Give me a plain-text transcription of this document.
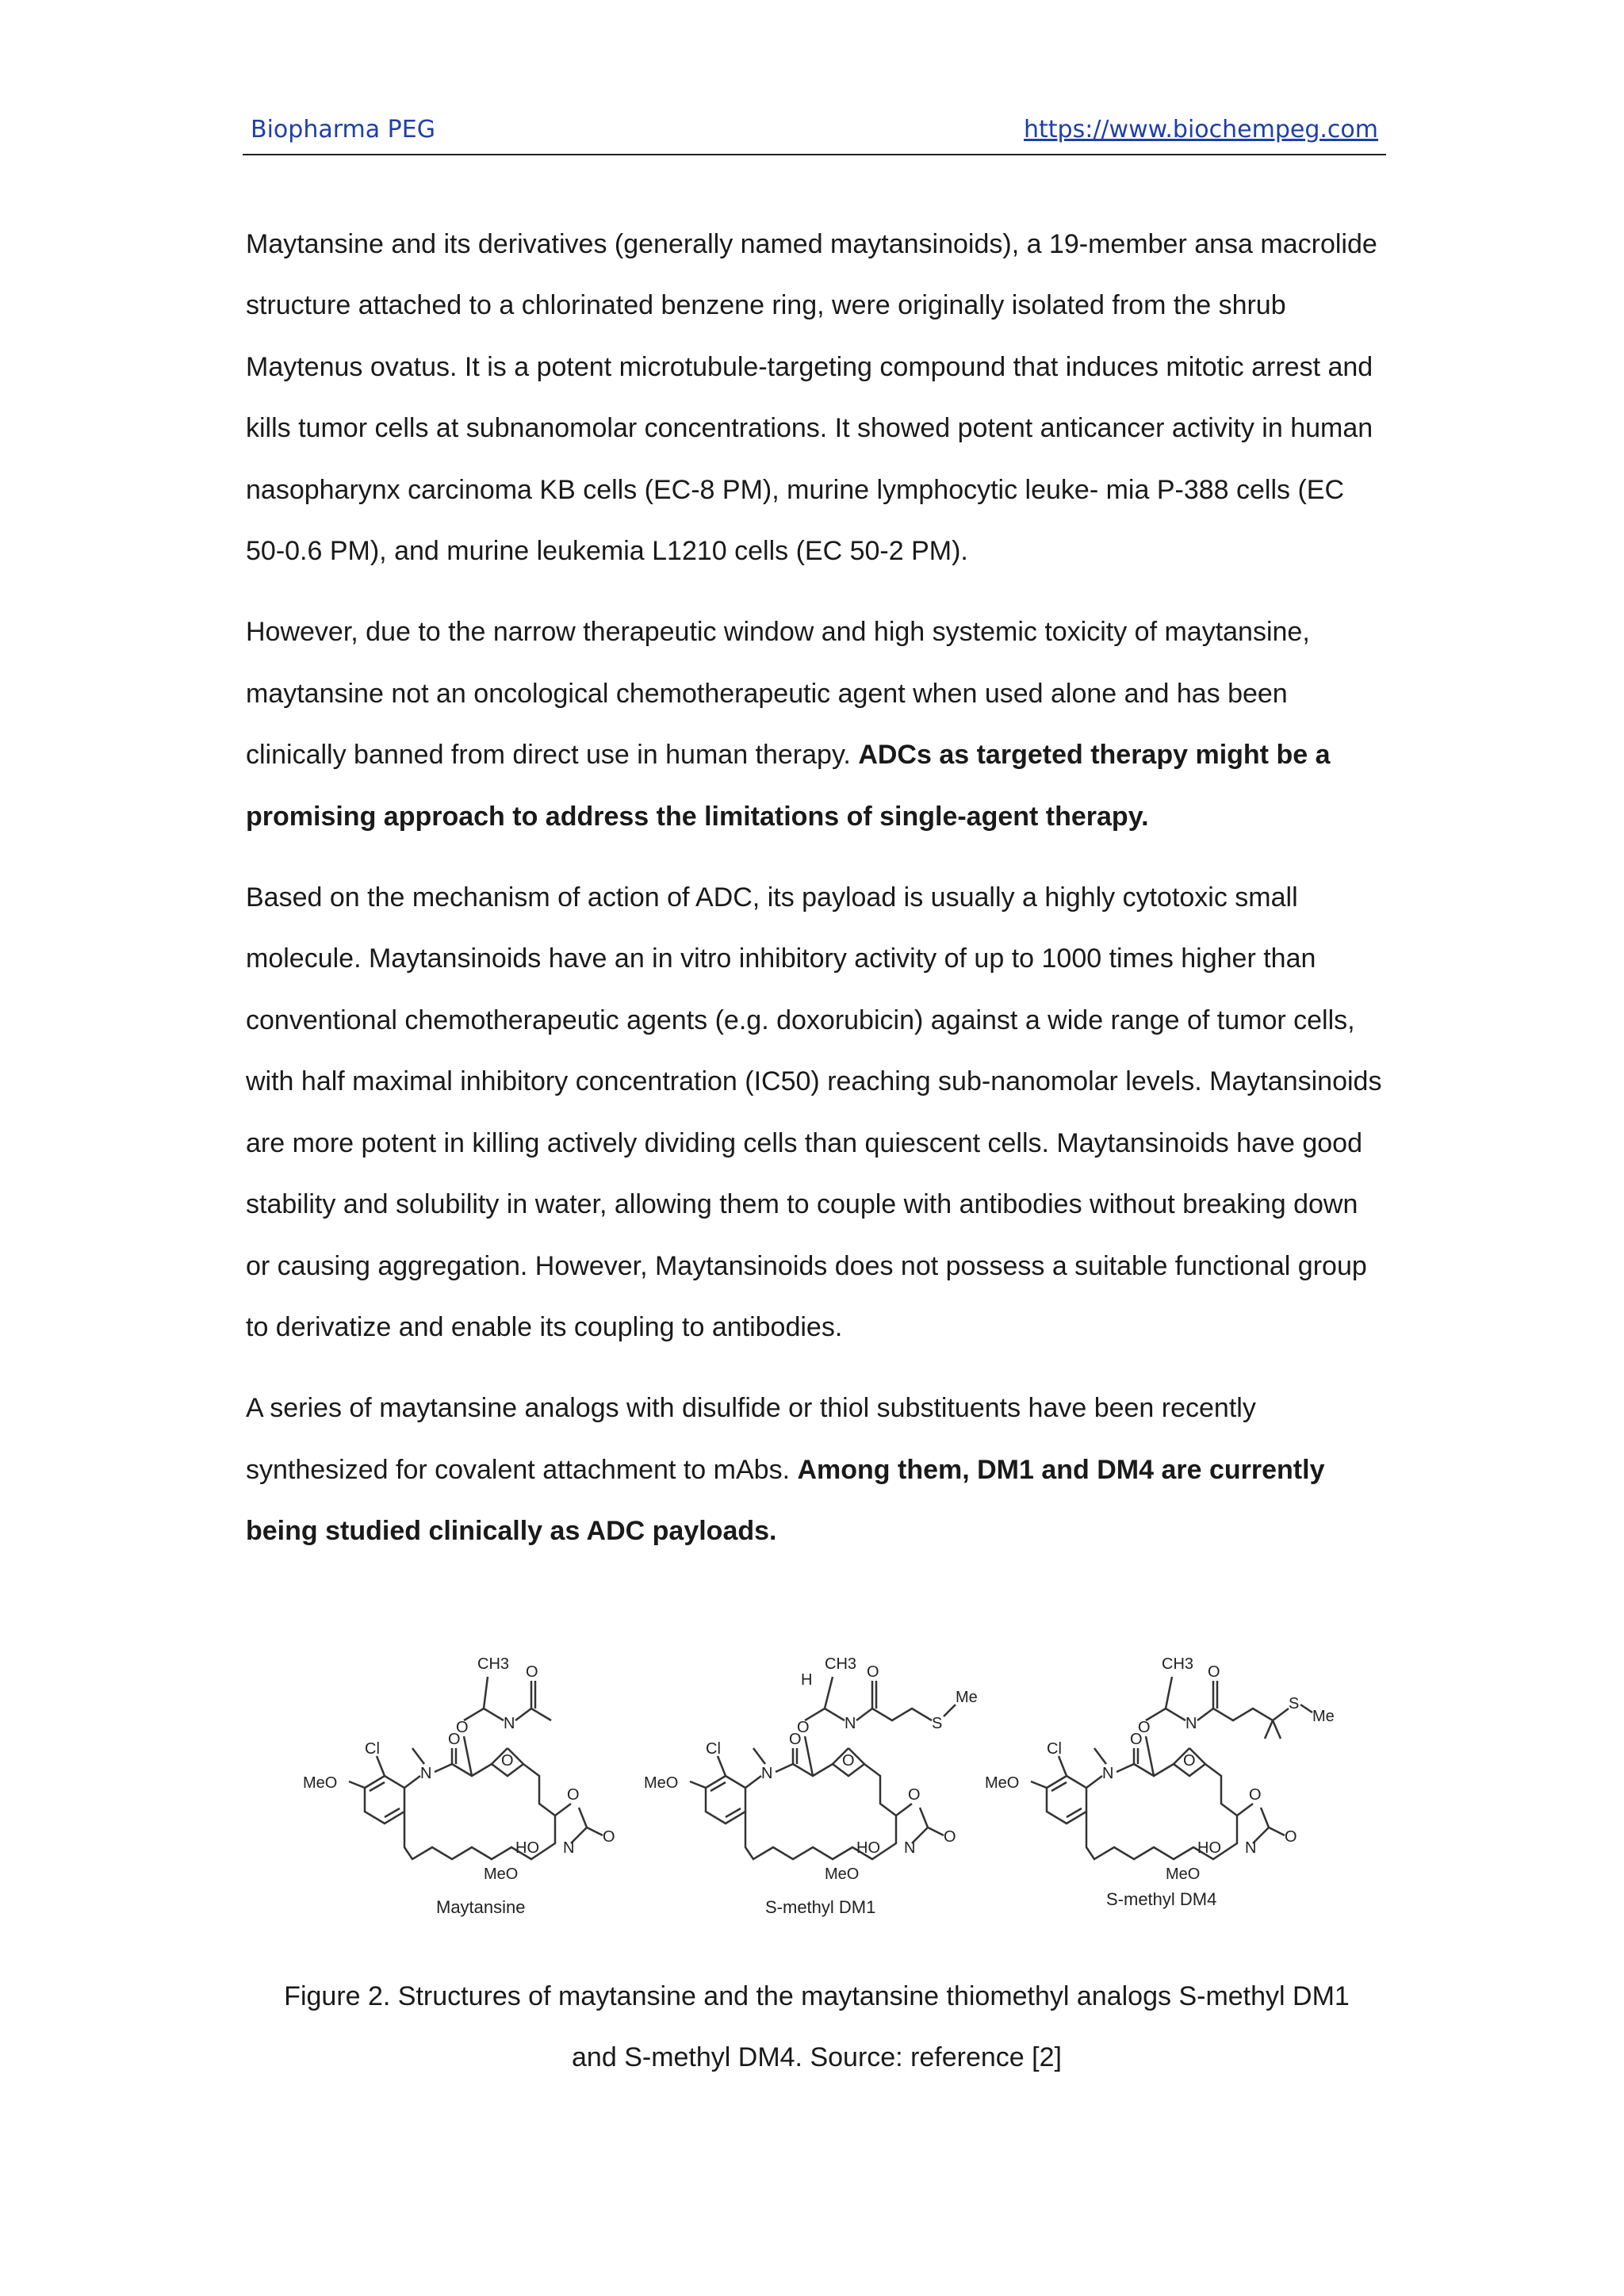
Biopharma PEG	https://www.biochempeg.com

Maytansine and its derivatives (generally named maytansinoids), a 19-member ansa macrolide structure attached to a chlorinated benzene ring, were originally isolated from the shrub Maytenus ovatus. It is a potent microtubule-targeting compound that induces mitotic arrest and kills tumor cells at subnanomolar concentrations. It showed potent anticancer activity in human nasopharynx carcinoma KB cells (EC-8 PM), murine lymphocytic leuke- mia P-388 cells (EC 50-0.6 PM), and murine leukemia L1210 cells (EC 50-2 PM).

However, due to the narrow therapeutic window and high systemic toxicity of maytansine, maytansine not an oncological chemotherapeutic agent when used alone and has been clinically banned from direct use in human therapy. ADCs as targeted therapy might be a promising approach to address the limitations of single-agent therapy.

Based on the mechanism of action of ADC, its payload is usually a highly cytotoxic small molecule. Maytansinoids have an in vitro inhibitory activity of up to 1000 times higher than conventional chemotherapeutic agents (e.g. doxorubicin) against a wide range of tumor cells, with half maximal inhibitory concentration (IC50) reaching sub-nanomolar levels. Maytansinoids are more potent in killing actively dividing cells than quiescent cells. Maytansinoids have good stability and solubility in water, allowing them to couple with antibodies without breaking down or causing aggregation. However, Maytansinoids does not possess a suitable functional group to derivatize and enable its coupling to antibodies.

A series of maytansine analogs with disulfide or thiol substituents have been recently synthesized for covalent attachment to mAbs. Among them, DM1 and DM4 are currently being studied clinically as ADC payloads.

Cl
MeO
N
O
O
O
CH3
N
O
O
O
N
HO
MeO
Maytansine
Cl
MeO
N
O
O
O
H
CH3
N
O
S
Me
O
O
N
HO
MeO
S-methyl DM1
Cl
MeO
N
O
O
O
CH3
N
O
S
Me
O
O
N
HO
MeO
S-methyl DM4
Figure 2. Structures of maytansine and the maytansine thiomethyl analogs S-methyl DM1
and S-methyl DM4. Source: reference [2]
